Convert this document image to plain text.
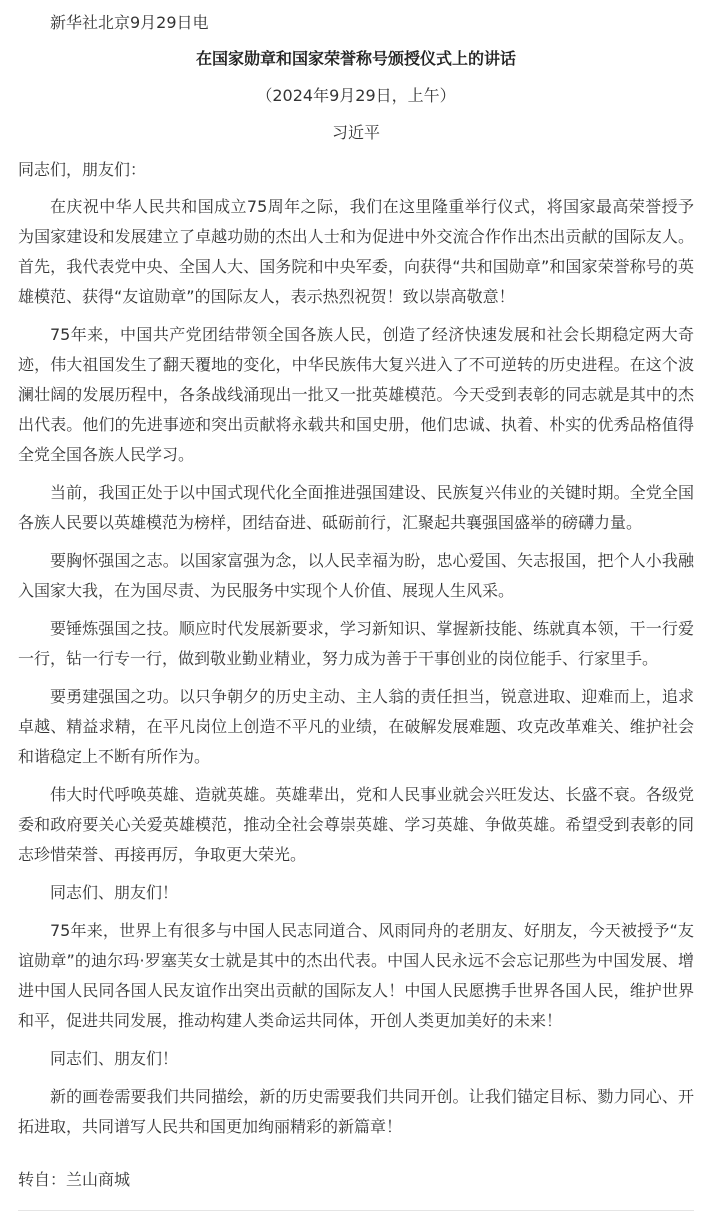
新华社北京9月29日电

在国家勋章和国家荣誉称号颁授仪式上的讲话

（2024年9月29日，上午）

习近平

同志们，朋友们：

在庆祝中华人民共和国成立75周年之际，我们在这里隆重举行仪式，将国家最高荣誉授予为国家建设和发展建立了卓越功勋的杰出人士和为促进中外交流合作作出杰出贡献的国际友人。首先，我代表党中央、全国人大、国务院和中央军委，向获得“共和国勋章”和国家荣誉称号的英雄模范、获得“友谊勋章”的国际友人，表示热烈祝贺！致以崇高敬意！

75年来，中国共产党团结带领全国各族人民，创造了经济快速发展和社会长期稳定两大奇迹，伟大祖国发生了翻天覆地的变化，中华民族伟大复兴进入了不可逆转的历史进程。在这个波澜壮阔的发展历程中，各条战线涌现出一批又一批英雄模范。今天受到表彰的同志就是其中的杰出代表。他们的先进事迹和突出贡献将永载共和国史册，他们忠诚、执着、朴实的优秀品格值得全党全国各族人民学习。

当前，我国正处于以中国式现代化全面推进强国建设、民族复兴伟业的关键时期。全党全国各族人民要以英雄模范为榜样，团结奋进、砥砺前行，汇聚起共襄强国盛举的磅礴力量。

要胸怀强国之志。以国家富强为念，以人民幸福为盼，忠心爱国、矢志报国，把个人小我融入国家大我，在为国尽责、为民服务中实现个人价值、展现人生风采。

要锤炼强国之技。顺应时代发展新要求，学习新知识、掌握新技能、练就真本领，干一行爱一行，钻一行专一行，做到敬业勤业精业，努力成为善于干事创业的岗位能手、行家里手。

要勇建强国之功。以只争朝夕的历史主动、主人翁的责任担当，锐意进取、迎难而上，追求卓越、精益求精，在平凡岗位上创造不平凡的业绩，在破解发展难题、攻克改革难关、维护社会和谐稳定上不断有所作为。

伟大时代呼唤英雄、造就英雄。英雄辈出，党和人民事业就会兴旺发达、长盛不衰。各级党委和政府要关心关爱英雄模范，推动全社会尊崇英雄、学习英雄、争做英雄。希望受到表彰的同志珍惜荣誉、再接再厉，争取更大荣光。

同志们、朋友们！

75年来，世界上有很多与中国人民志同道合、风雨同舟的老朋友、好朋友，今天被授予“友谊勋章”的迪尔玛·罗塞芙女士就是其中的杰出代表。中国人民永远不会忘记那些为中国发展、增进中国人民同各国人民友谊作出突出贡献的国际友人！中国人民愿携手世界各国人民，维护世界和平，促进共同发展，推动构建人类命运共同体，开创人类更加美好的未来！

同志们、朋友们！

新的画卷需要我们共同描绘，新的历史需要我们共同开创。让我们锚定目标、勠力同心、开拓进取，共同谱写人民共和国更加绚丽精彩的新篇章！

转自：兰山商城
